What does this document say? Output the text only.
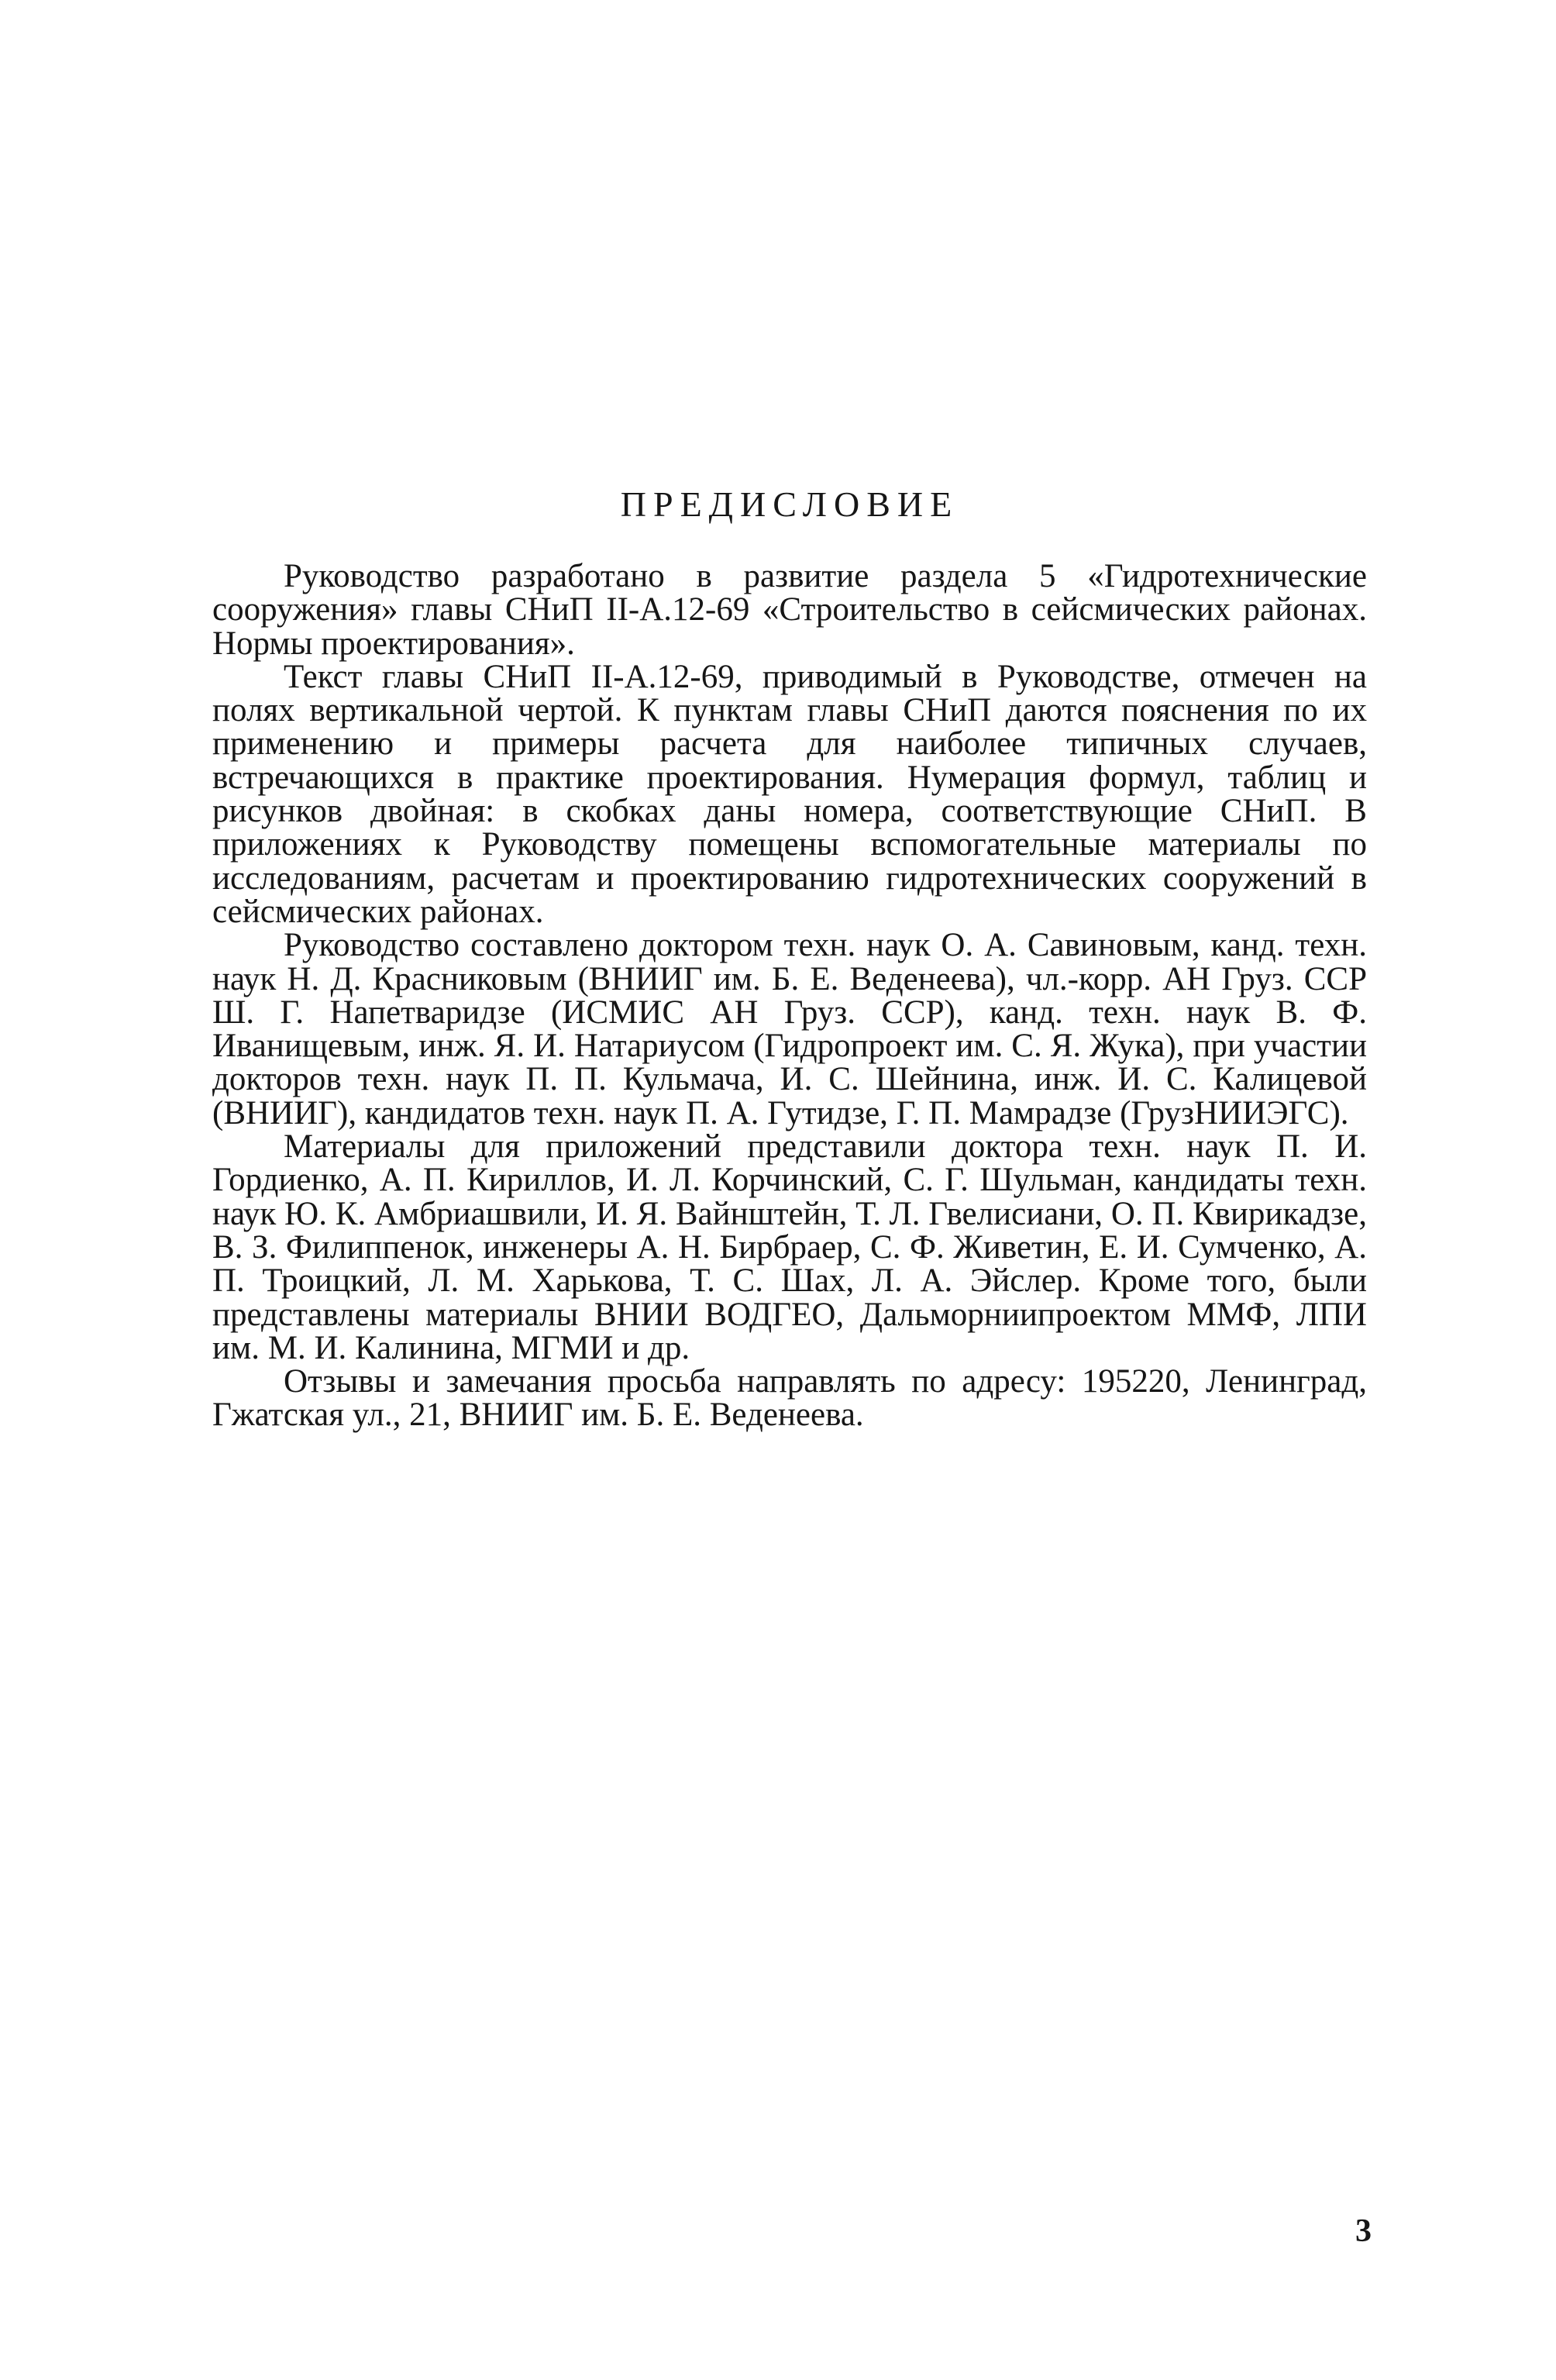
ПРЕДИСЛОВИЕ

Руководство разработано в развитие раздела 5 «Гидротехнические сооружения» главы СНиП II-А.12-69 «Строительство в сейсмических районах. Нормы проектирования».

Текст главы СНиП II-А.12-69, приводимый в Руководстве, отмечен на полях вертикальной чертой. К пунктам главы СНиП даются пояснения по их применению и примеры расчета для наиболее типичных случаев, встречающихся в практике проектирования. Нумерация формул, таблиц и рисунков двойная: в скобках даны номера, соответствующие СНиП. В приложениях к Руководству помещены вспомогательные материалы по исследованиям, расчетам и проектированию гидротехнических сооружений в сейсмических районах.

Руководство составлено доктором техн. наук О. А. Савиновым, канд. техн. наук Н. Д. Красниковым (ВНИИГ им. Б. Е. Веденеева), чл.-корр. АН Груз. ССР Ш. Г. Напетваридзе (ИСМИС АН Груз. ССР), канд. техн. наук В. Ф. Иванищевым, инж. Я. И. Натариусом (Гидропроект им. С. Я. Жука), при участии докторов техн. наук П. П. Кульмача, И. С. Шейнина, инж. И. С. Калицевой (ВНИИГ), кандидатов техн. наук П. А. Гутидзе, Г. П. Мамрадзе (ГрузНИИЭГС).

Материалы для приложений представили доктора техн. наук П. И. Гордиенко, А. П. Кириллов, И. Л. Корчинский, С. Г. Шульман, кандидаты техн. наук Ю. К. Амбриашвили, И. Я. Вайнштейн, Т. Л. Гвелисиани, О. П. Квирикадзе, В. З. Филиппенок, инженеры А. Н. Бирбраер, С. Ф. Живетин, Е. И. Сумченко, А. П. Троицкий, Л. М. Харькова, Т. С. Шах, Л. А. Эйслер. Кроме того, были представлены материалы ВНИИ ВОДГЕО, Дальморниипроектом ММФ, ЛПИ им. М. И. Калинина, МГМИ и др.

Отзывы и замечания просьба направлять по адресу: 195220, Ленинград, Гжатская ул., 21, ВНИИГ им. Б. Е. Веденеева.

3
